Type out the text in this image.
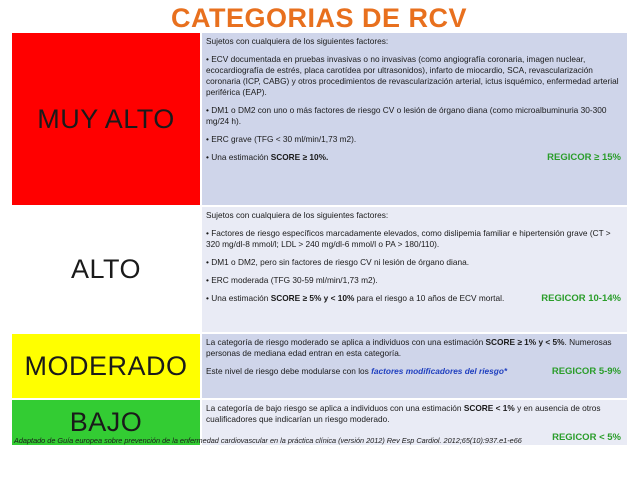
CATEGORIAS DE RCV
MUY ALTO

Sujetos con cualquiera de los siguientes factores:

• ECV documentada en pruebas invasivas o no invasivas (como angiografía coronaria, imagen nuclear, ecocardiografía de estrés, placa carotídea por ultrasonidos), infarto de miocardio, SCA, revascularización coronaria (ICP, CABG) y otros procedimientos de revascularización arterial, ictus isquémico, enfermedad arterial periférica (EAP).

• DM1 o DM2 con uno o más factores de riesgo CV o lesión de órgano diana (como microalbuminuria 30-300 mg/24 h).

• ERC grave (TFG < 30 ml/min/1,73 m2).

• Una estimación SCORE ≥ 10%.	REGICOR ≥ 15%

ALTO

Sujetos con cualquiera de los siguientes factores:

• Factores de riesgo específicos marcadamente elevados, como dislipemia familiar e hipertensión grave (CT > 320 mg/dl-8 mmol/l; LDL > 240 mg/dl-6 mmol/l o PA > 180/110).

• DM1 o DM2, pero sin factores de riesgo CV ni lesión de órgano diana.

• ERC moderada (TFG 30-59 ml/min/1,73 m2).

• Una estimación SCORE ≥ 5% y < 10% para el riesgo a 10 años de ECV mortal.	REGICOR 10-14%

MODERADO

La categoría de riesgo moderado se aplica a individuos con una estimación SCORE ≥ 1% y < 5%. Numerosas personas de mediana edad entran en esta categoría.

Este nivel de riesgo debe modularse con los factores modificadores del riesgo*	REGICOR 5-9%

BAJO	La categoría de bajo riesgo se aplica a individuos con una estimación SCORE < 1% y en ausencia de otros cualificadores que indicarían un riesgo moderado.

REGICOR < 5%

Adaptado de Guía europea sobre prevención de la enfermedad cardiovascular en la práctica clínica (versión 2012) Rev Esp Cardiol. 2012;65(10):937.e1-e66
